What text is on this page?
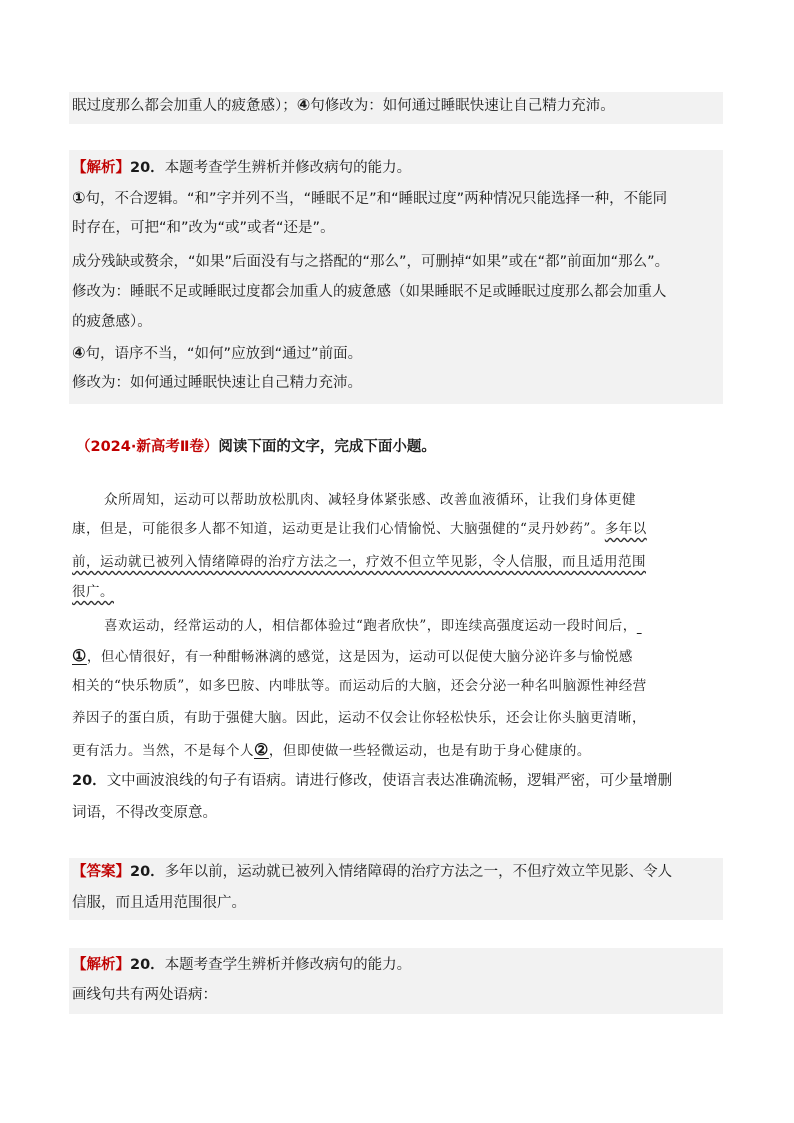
眠过度那么都会加重人的疲惫感）；④句修改为：如何通过睡眠快速让自己精力充沛。
【解析】20．本题考查学生辨析并修改病句的能力。
①句，不合逻辑。“和”字并列不当，“睡眠不足”和“睡眠过度”两种情况只能选择一种，不能同
时存在，可把“和”改为“或”或者“还是”。
成分残缺或赘余，“如果”后面没有与之搭配的“那么”，可删掉“如果”或在“都”前面加“那么”。
修改为：睡眠不足或睡眠过度都会加重人的疲惫感（如果睡眠不足或睡眠过度那么都会加重人
的疲惫感）。
④句，语序不当，“如何”应放到“通过”前面。
修改为：如何通过睡眠快速让自己精力充沛。
（2024·新高考Ⅱ卷）阅读下面的文字，完成下面小题。
众所周知，运动可以帮助放松肌肉、减轻身体紧张感、改善血液循环，让我们身体更健
康，但是，可能很多人都不知道，运动更是让我们心情愉悦、大脑强健的“灵丹妙药”。多年以
前，运动就已被列入情绪障碍的治疗方法之一，疗效不但立竿见影，令人信服，而且适用范围
很广。
喜欢运动，经常运动的人，相信都体验过“跑者欣快”，即连续高强度运动一段时间后，
①，但心情很好，有一种酣畅淋漓的感觉，这是因为，运动可以促使大脑分泌许多与愉悦感
相关的“快乐物质”，如多巴胺、内啡肽等。而运动后的大脑，还会分泌一种名叫脑源性神经营
养因子的蛋白质，有助于强健大脑。因此，运动不仅会让你轻松快乐，还会让你头脑更清晰，
更有活力。当然，不是每个人②，但即使做一些轻微运动，也是有助于身心健康的。
20．文中画波浪线的句子有语病。请进行修改，使语言表达准确流畅，逻辑严密，可少量增删
词语，不得改变原意。
【答案】20．多年以前，运动就已被列入情绪障碍的治疗方法之一，不但疗效立竿见影、令人
信服，而且适用范围很广。
【解析】20．本题考查学生辨析并修改病句的能力。
画线句共有两处语病：
